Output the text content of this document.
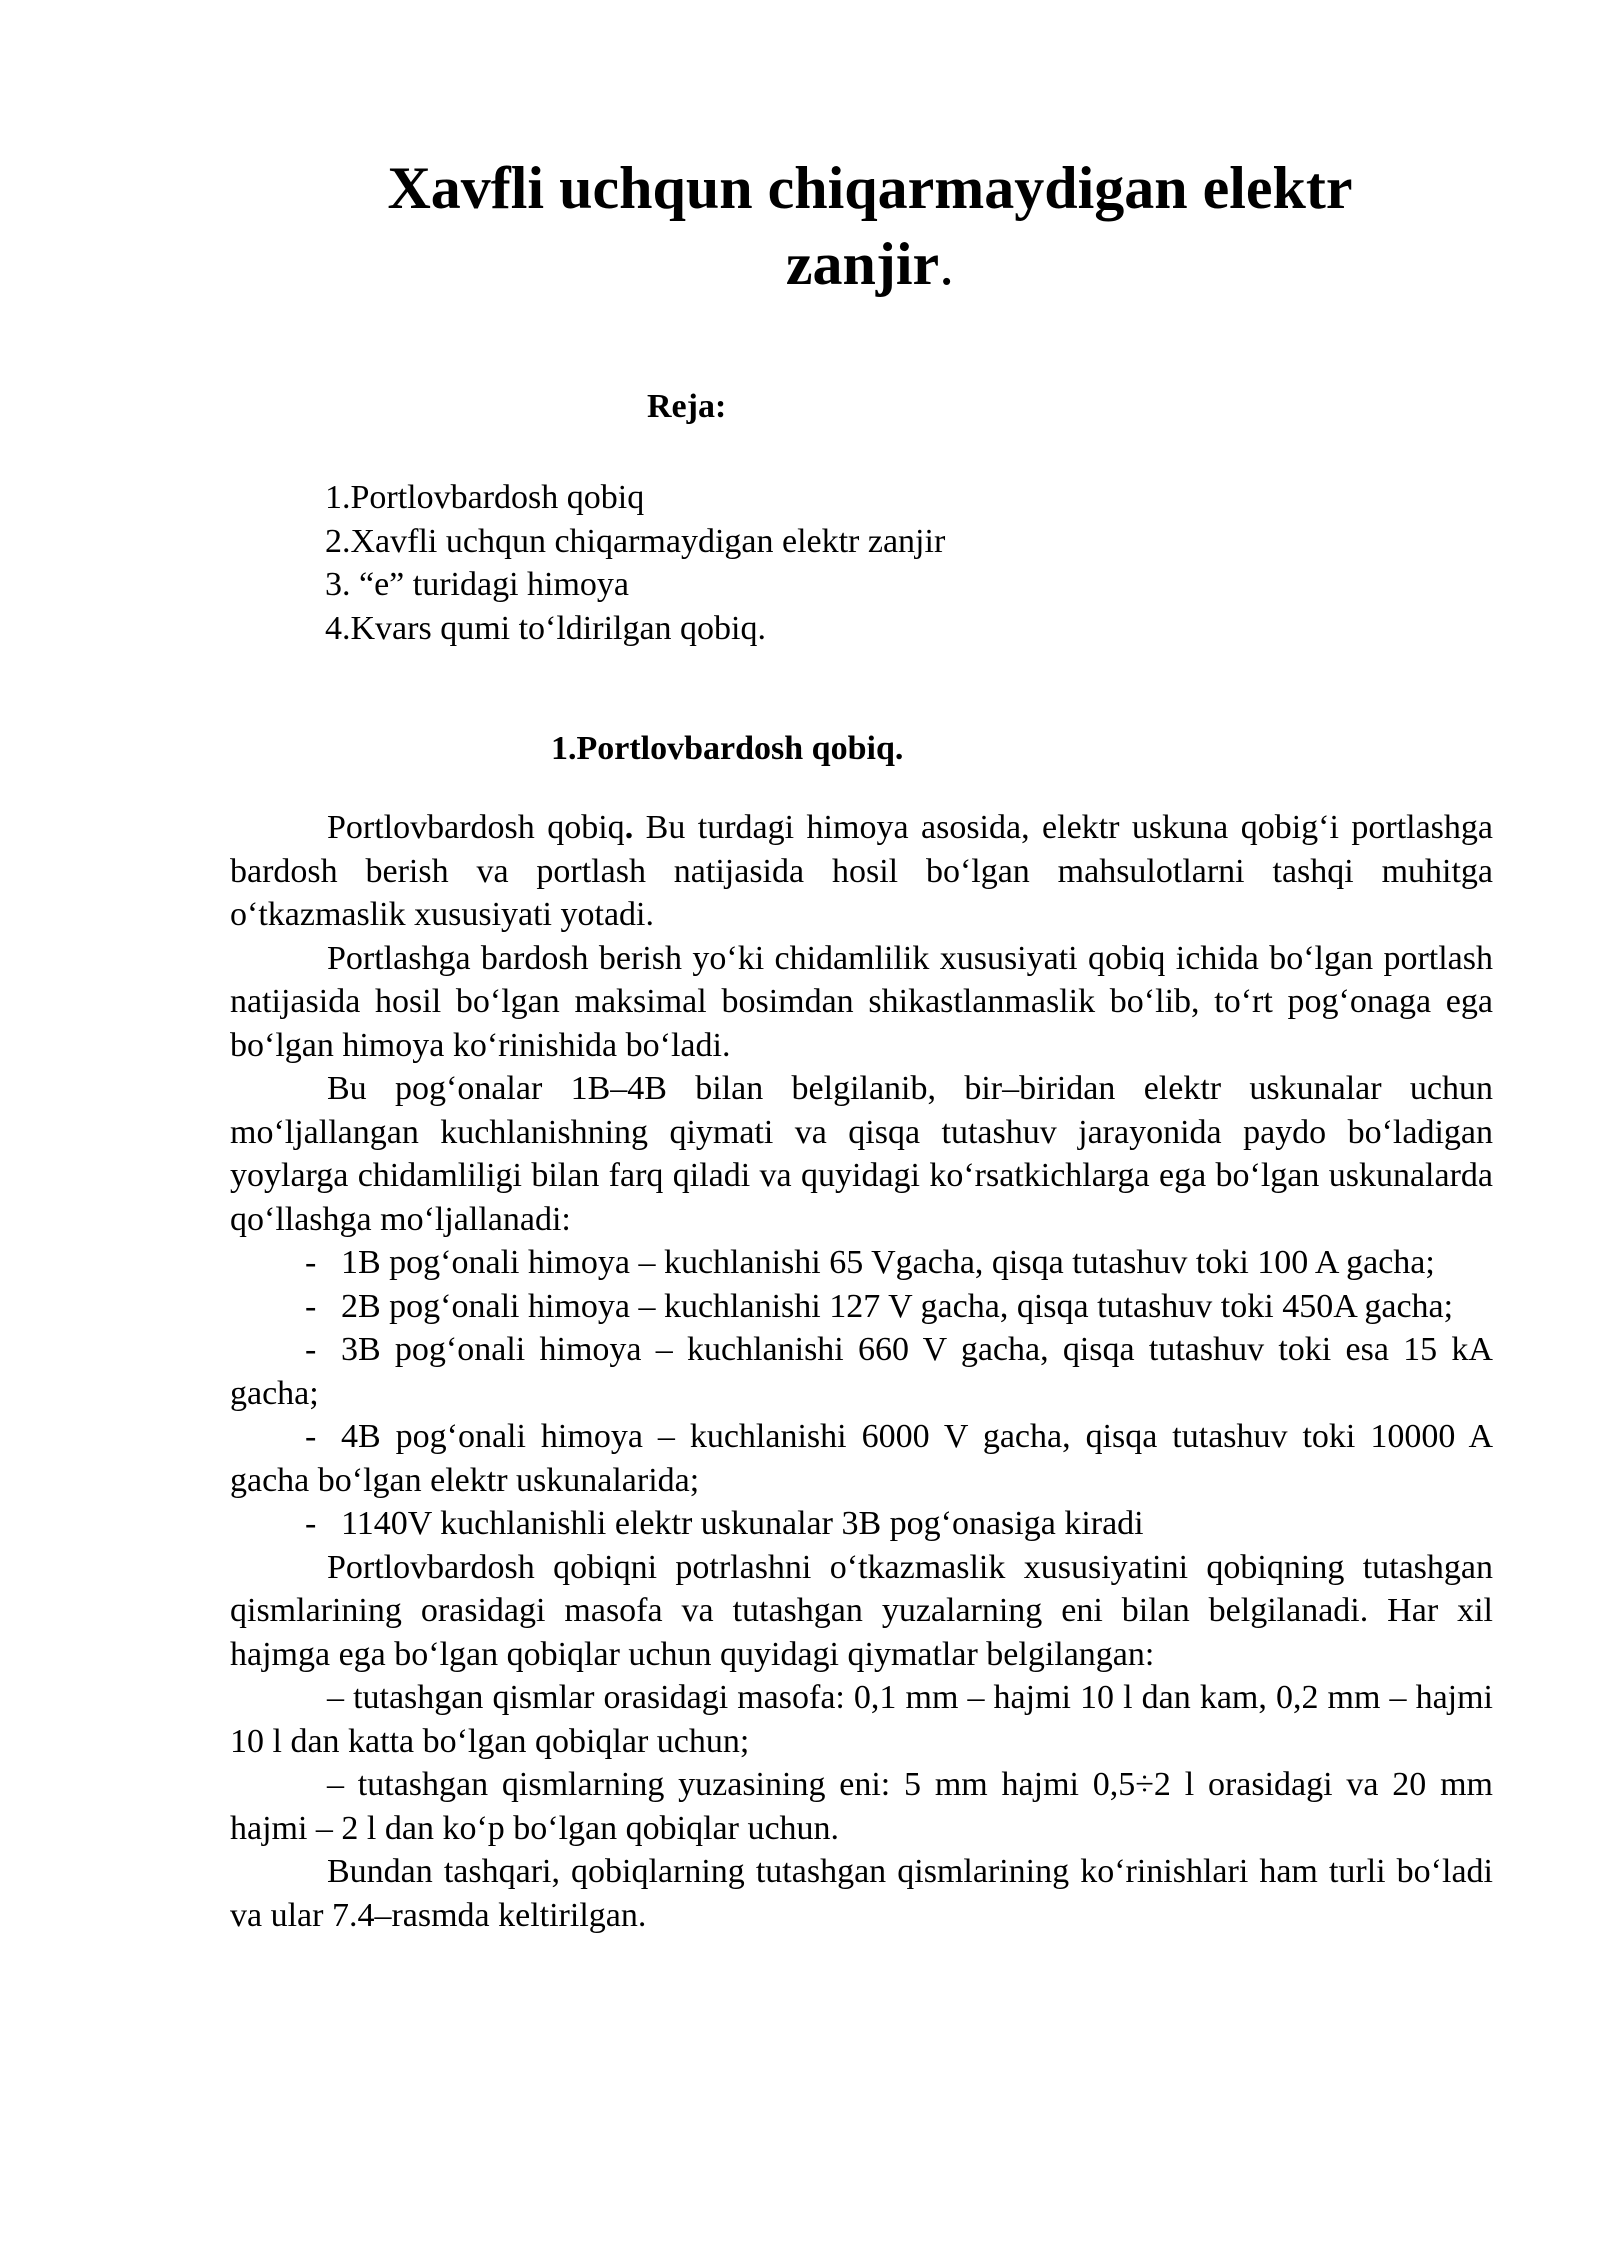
Xavfli uchqun chiqarmaydigan elektr zanjir.
Reja:
1.Portlovbardosh qobiq
2.Xavfli uchqun chiqarmaydigan elektr zanjir
3. “e” turidagi himoya
4.Kvars qumi to‘ldirilgan qobiq.
1.Portlovbardosh qobiq.

Portlovbardosh qobiq. Bu turdagi himoya asosida, elektr uskuna qobig‘i portlashga bardosh berish va portlash natijasida hosil bo‘lgan mahsulotlarni tashqi muhitga o‘tkazmaslik xususiyati yotadi.

Portlashga bardosh berish yo‘ki chidamlilik xususiyati qobiq ichida bo‘lgan portlash natijasida hosil bo‘lgan maksimal bosimdan shikastlanmaslik bo‘lib, to‘rt pog‘onaga ega bo‘lgan himoya ko‘rinishida bo‘ladi.

Bu pog‘onalar 1B–4B bilan belgilanib, bir–biridan elektr uskunalar uchun mo‘ljallangan kuchlanishning qiymati va qisqa tutashuv jarayonida paydo bo‘ladigan yoylarga chidamliligi bilan farq qiladi va quyidagi ko‘rsatkichlarga ega bo‘lgan uskunalarda qo‘llashga mo‘ljallanadi:

- 1B pog‘onali himoya – kuchlanishi 65 Vgacha, qisqa tutashuv toki 100 A gacha;

- 2B pog‘onali himoya – kuchlanishi 127 V gacha, qisqa tutashuv toki 450A gacha;

- 3B pog‘onali himoya – kuchlanishi 660 V gacha, qisqa tutashuv toki esa 15 kA gacha;

- 4B pog‘onali himoya – kuchlanishi 6000 V gacha, qisqa tutashuv toki 10000 A gacha bo‘lgan elektr uskunalarida;

- 1140V kuchlanishli elektr uskunalar 3B pog‘onasiga kiradi

Portlovbardosh qobiqni potrlashni o‘tkazmaslik xususiyatini qobiqning tutashgan qismlarining orasidagi masofa va tutashgan yuzalarning eni bilan belgilanadi. Har xil hajmga ega bo‘lgan qobiqlar uchun quyidagi qiymatlar belgilangan:

– tutashgan qismlar orasidagi masofa: 0,1 mm – hajmi 10 l dan kam, 0,2 mm – hajmi 10 l dan katta bo‘lgan qobiqlar uchun;

– tutashgan qismlarning yuzasining eni: 5 mm hajmi 0,5÷2 l orasidagi va 20 mm hajmi – 2 l dan ko‘p bo‘lgan qobiqlar uchun.

Bundan tashqari, qobiqlarning tutashgan qismlarining ko‘rinishlari ham turli bo‘ladi va ular 7.4–rasmda keltirilgan.
